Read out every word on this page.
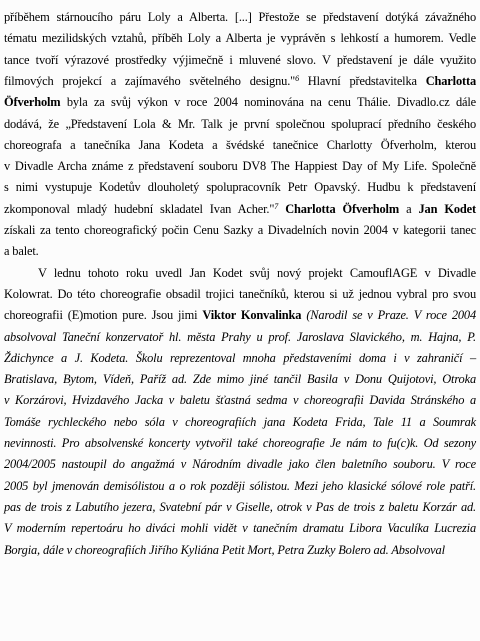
příběhem stárnoucího páru Loly a Alberta. [...] Přestože se představení dotýká závažného
tématu mezilidských vztahů, příběh Loly a Alberta je vyprávěn s lehkostí a humorem. Vedle
tance tvoří výrazové prostředky výjimečně i mluvené slovo. V představení je dále využito
filmových projekcí a zajímavého světelného designu."$^6$ Hlavní představitelka Charlotta
Öfverholm byla za svůj výkon v roce 2004 nominována na cenu Thálie. Divadlo.cz dále
dodává, že „Představení Lola & Mr. Talk je první společnou spoluprací předního českého
choreografa a tanečníka Jana Kodeta a švédské tanečnice Charlotty Öfverholm, kterou
v Divadle Archa známe z představení souboru DV8 The Happiest Day of My Life. Společně
s nimi vystupuje Kodetův dlouholetý spolupracovník Petr Opavský. Hudbu k představení
zkomponoval mladý hudební skladatel Ivan Acher."$^7$ Charlotta Öfverholm a Jan Kodet
získali za tento choreografický počin Cenu Sazky a Divadelních novin 2004 v kategorii tanec
a balet.
V lednu tohoto roku uvedl Jan Kodet svůj nový projekt CamouflAGE v Divadle
Kolowrat. Do této choreografie obsadil trojici tanečníků, kterou si už jednou vybral pro svou
choreografii (E)motion pure. Jsou jimi Viktor Konvalinka (Narodil se v Praze. V roce 2004
absolvoval Taneční konzervatoř hl. města Prahy u prof. Jaroslava Slavického, m. Hajna, P.
Ždichynce a J. Kodeta. Školu reprezentoval mnoha představeními doma i v zahraničí –
Bratislava, Bytom, Vídeň, Paříž ad. Zde mimo jiné tančil Basila v Donu Quijotovi, Otroka
v Korzárovi, Hvizdavého Jacka v baletu šťastná sedma v choreografii Davida Stránského a
Tomáše rychleckého nebo sóla v choreografiích jana Kodeta Frida, Tale 11 a Soumrak
nevinnosti. Pro absolvenské koncerty vytvořil také choreografie Je nám to fu(c)k. Od sezony
2004/2005 nastoupil do angažmá v Národním divadle jako člen baletního souboru. V roce
2005 byl jmenován demisólistou a o rok později sólistou. Mezi jeho klasické sólové role patří.
pas de trois z Labutího jezera, Svatební pár v Giselle, otrok v Pas de trois z baletu Korzár ad.
V moderním repertoáru ho diváci mohli vidět v tanečním dramatu Libora Vaculíka Lucrezia
Borgia, dále v choreografiích Jiřího Kyliána Petit Mort, Petra Zuzky Bolero ad. Absolvoval
